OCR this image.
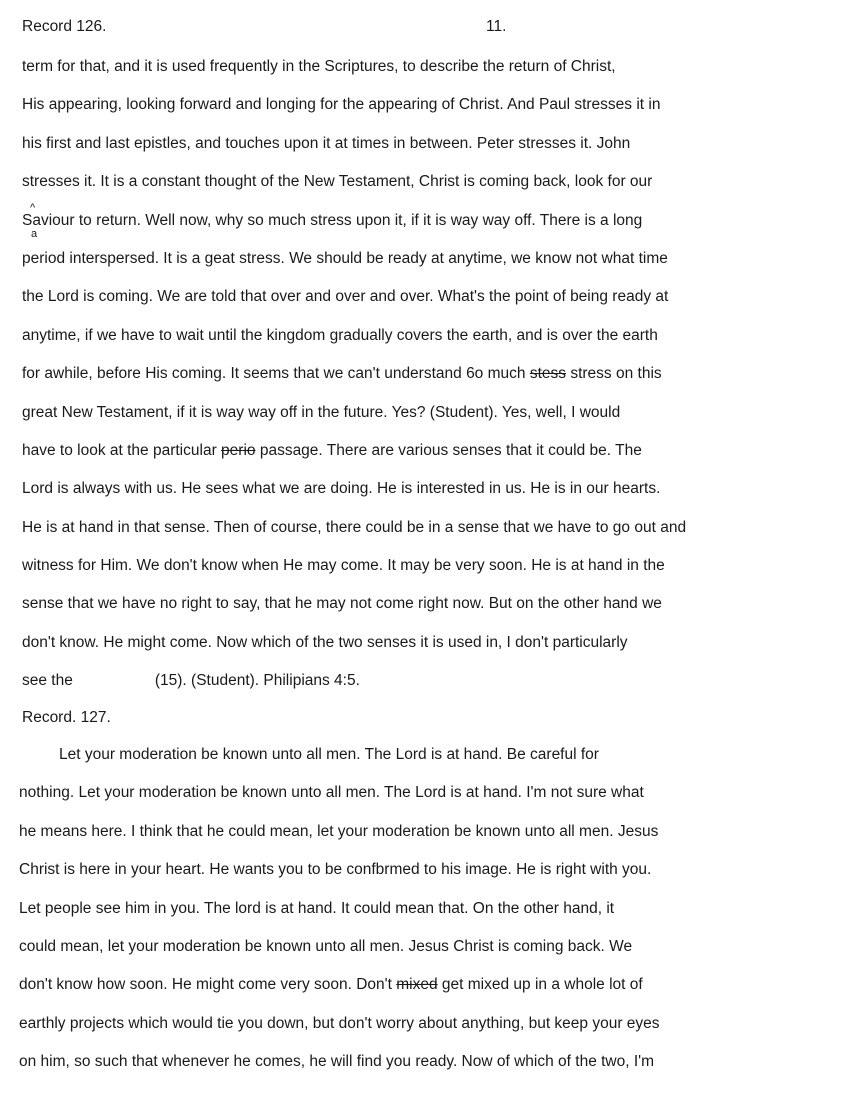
Record 126.	11.
^
a
term for that, and it is used frequently in the Scriptures, to describe the return of Christ,
His appearing, looking forward and longing for the appearing of Christ. And Paul stresses it in
his first and last epistles, and touches upon it at times in between. Peter stresses it. John
stresses it. It is a constant thought of the New Testament, Christ is coming back, look for our
Saviour to return. Well now, why so much stress upon it, if it is way way off. There is a long
period interspersed. It is a geat stress. We should be ready at anytime, we know not what time
the Lord is coming. We are told that over and over and over. What's the point of being ready at
anytime, if we have to wait until the kingdom gradually covers the earth, and is over the earth
for awhile, before His coming. It seems that we can't understand 6o much stess stress on this
great New Testament, if it is way way off in the future. Yes? (Student). Yes, well, I would
have to look at the particular perio passage. There are various senses that it could be. The
Lord is always with us. He sees what we are doing. He is interested in us. He is in our hearts.
He is at hand in that sense. Then of course, there could be in a sense that we have to go out and
witness for Him. We don't know when He may come. It may be very soon. He is at hand in the
sense that we have no right to say, that he may not come right now. But on the other hand we
don't know. He might come. Now which of the two senses it is used in, I don't particularly
see the	(15). (Student). Philipians 4:5.
Record. 127.
Let your moderation be known unto all men. The Lord is at hand. Be careful for
nothing. Let your moderation be known unto all men. The Lord is at hand. I'm not sure what
he means here. I think that he could mean, let your moderation be known unto all men. Jesus
Christ is here in your heart. He wants you to be confbrmed to his image. He is right with you.
Let people see him in you. The lord is at hand. It could mean that. On the other hand, it
could mean, let your moderation be known unto all men. Jesus Christ is coming back. We
don't know how soon. He might come very soon. Don't mixed get mixed up in a whole lot of
earthly projects which would tie you down, but don't worry about anything, but keep your eyes
on him, so such that whenever he comes, he will find you ready. Now of which of the two, I'm
